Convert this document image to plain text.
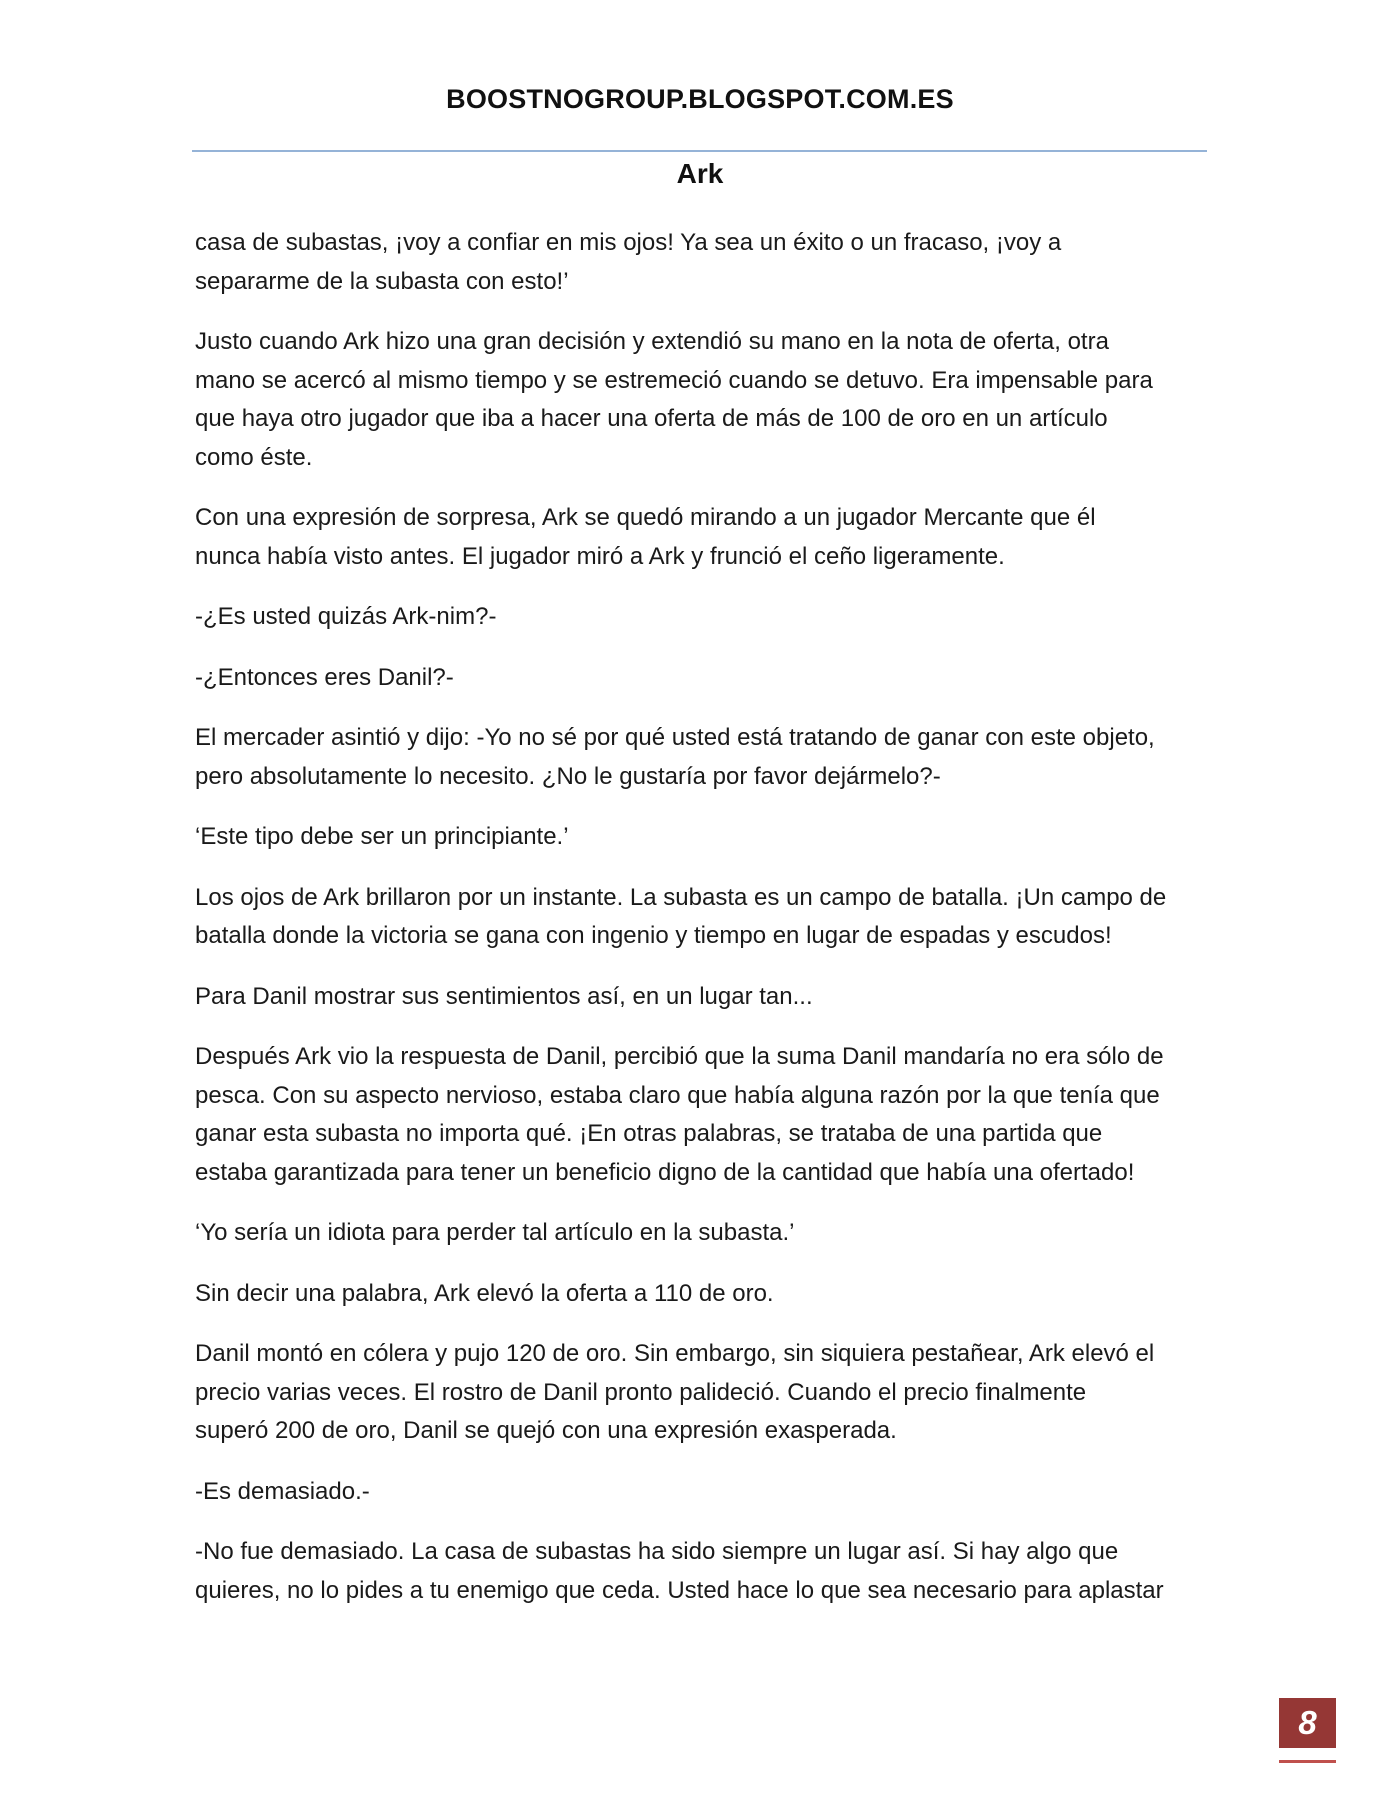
BOOSTNOGROUP.BLOGSPOT.COM.ES
Ark

casa de subastas, ¡voy a confiar en mis ojos! Ya sea un éxito o un fracaso, ¡voy a
separarme de la subasta con esto!’

Justo cuando Ark hizo una gran decisión y extendió su mano en la nota de oferta, otra
mano se acercó al mismo tiempo y se estremeció cuando se detuvo. Era impensable para
que haya otro jugador que iba a hacer una oferta de más de 100 de oro en un artículo
como éste.

Con una expresión de sorpresa, Ark se quedó mirando a un jugador Mercante que él
nunca había visto antes. El jugador miró a Ark y frunció el ceño ligeramente.

-¿Es usted quizás Ark-nim?-

-¿Entonces eres Danil?-

El mercader asintió y dijo: -Yo no sé por qué usted está tratando de ganar con este objeto,
pero absolutamente lo necesito. ¿No le gustaría por favor dejármelo?-

‘Este tipo debe ser un principiante.’

Los ojos de Ark brillaron por un instante. La subasta es un campo de batalla. ¡Un campo de
batalla donde la victoria se gana con ingenio y tiempo en lugar de espadas y escudos!

Para Danil mostrar sus sentimientos así, en un lugar tan...

Después Ark vio la respuesta de Danil, percibió que la suma Danil mandaría no era sólo de
pesca. Con su aspecto nervioso, estaba claro que había alguna razón por la que tenía que
ganar esta subasta no importa qué. ¡En otras palabras, se trataba de una partida que
estaba garantizada para tener un beneficio digno de la cantidad que había una ofertado!

‘Yo sería un idiota para perder tal artículo en la subasta.’

Sin decir una palabra, Ark elevó la oferta a 110 de oro.

Danil montó en cólera y pujo 120 de oro. Sin embargo, sin siquiera pestañear, Ark elevó el
precio varias veces. El rostro de Danil pronto palideció. Cuando el precio finalmente
superó 200 de oro, Danil se quejó con una expresión exasperada.

-Es demasiado.-

-No fue demasiado. La casa de subastas ha sido siempre un lugar así. Si hay algo que
quieres, no lo pides a tu enemigo que ceda. Usted hace lo que sea necesario para aplastar

8
